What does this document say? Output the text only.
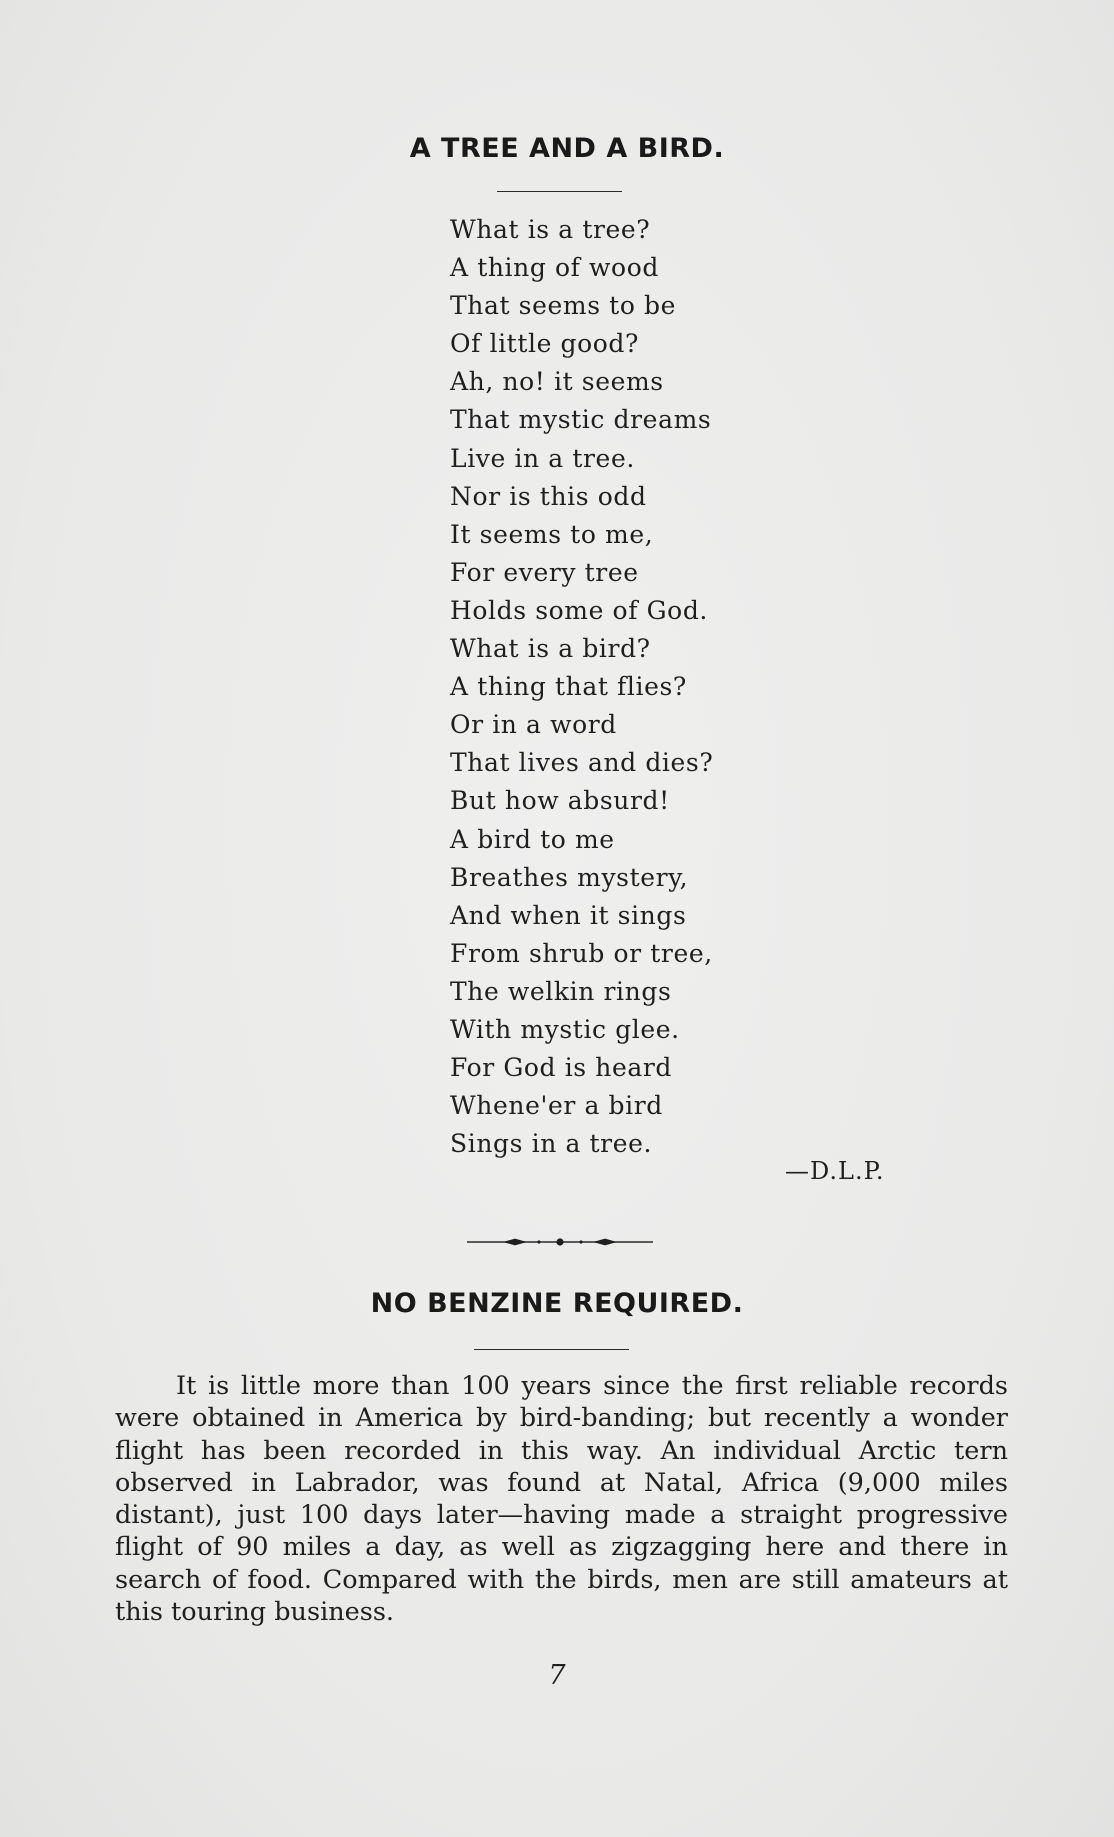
A TREE AND A BIRD.
What is a tree?
A thing of wood
That seems to be
Of little good?
Ah, no! it seems
That mystic dreams
Live in a tree.
Nor is this odd
It seems to me,
For every tree
Holds some of God.
What is a bird?
A thing that flies?
Or in a word
That lives and dies?
But how absurd!
A bird to me
Breathes mystery,
And when it sings
From shrub or tree,
The welkin rings
With mystic glee.
For God is heard
Whene'er a bird
Sings in a tree.

—D.L.P.

NO BENZINE REQUIRED.

It is little more than 100 years since the first reliable records were obtained in America by bird-banding; but recently a wonder flight has been recorded in this way. An individual Arctic tern observed in Labrador, was found at Natal, Africa (9,000 miles distant), just 100 days later—having made a straight progressive flight of 90 miles a day, as well as zigzagging here and there in search of food. Compared with the birds, men are still amateurs at this touring business.

7
